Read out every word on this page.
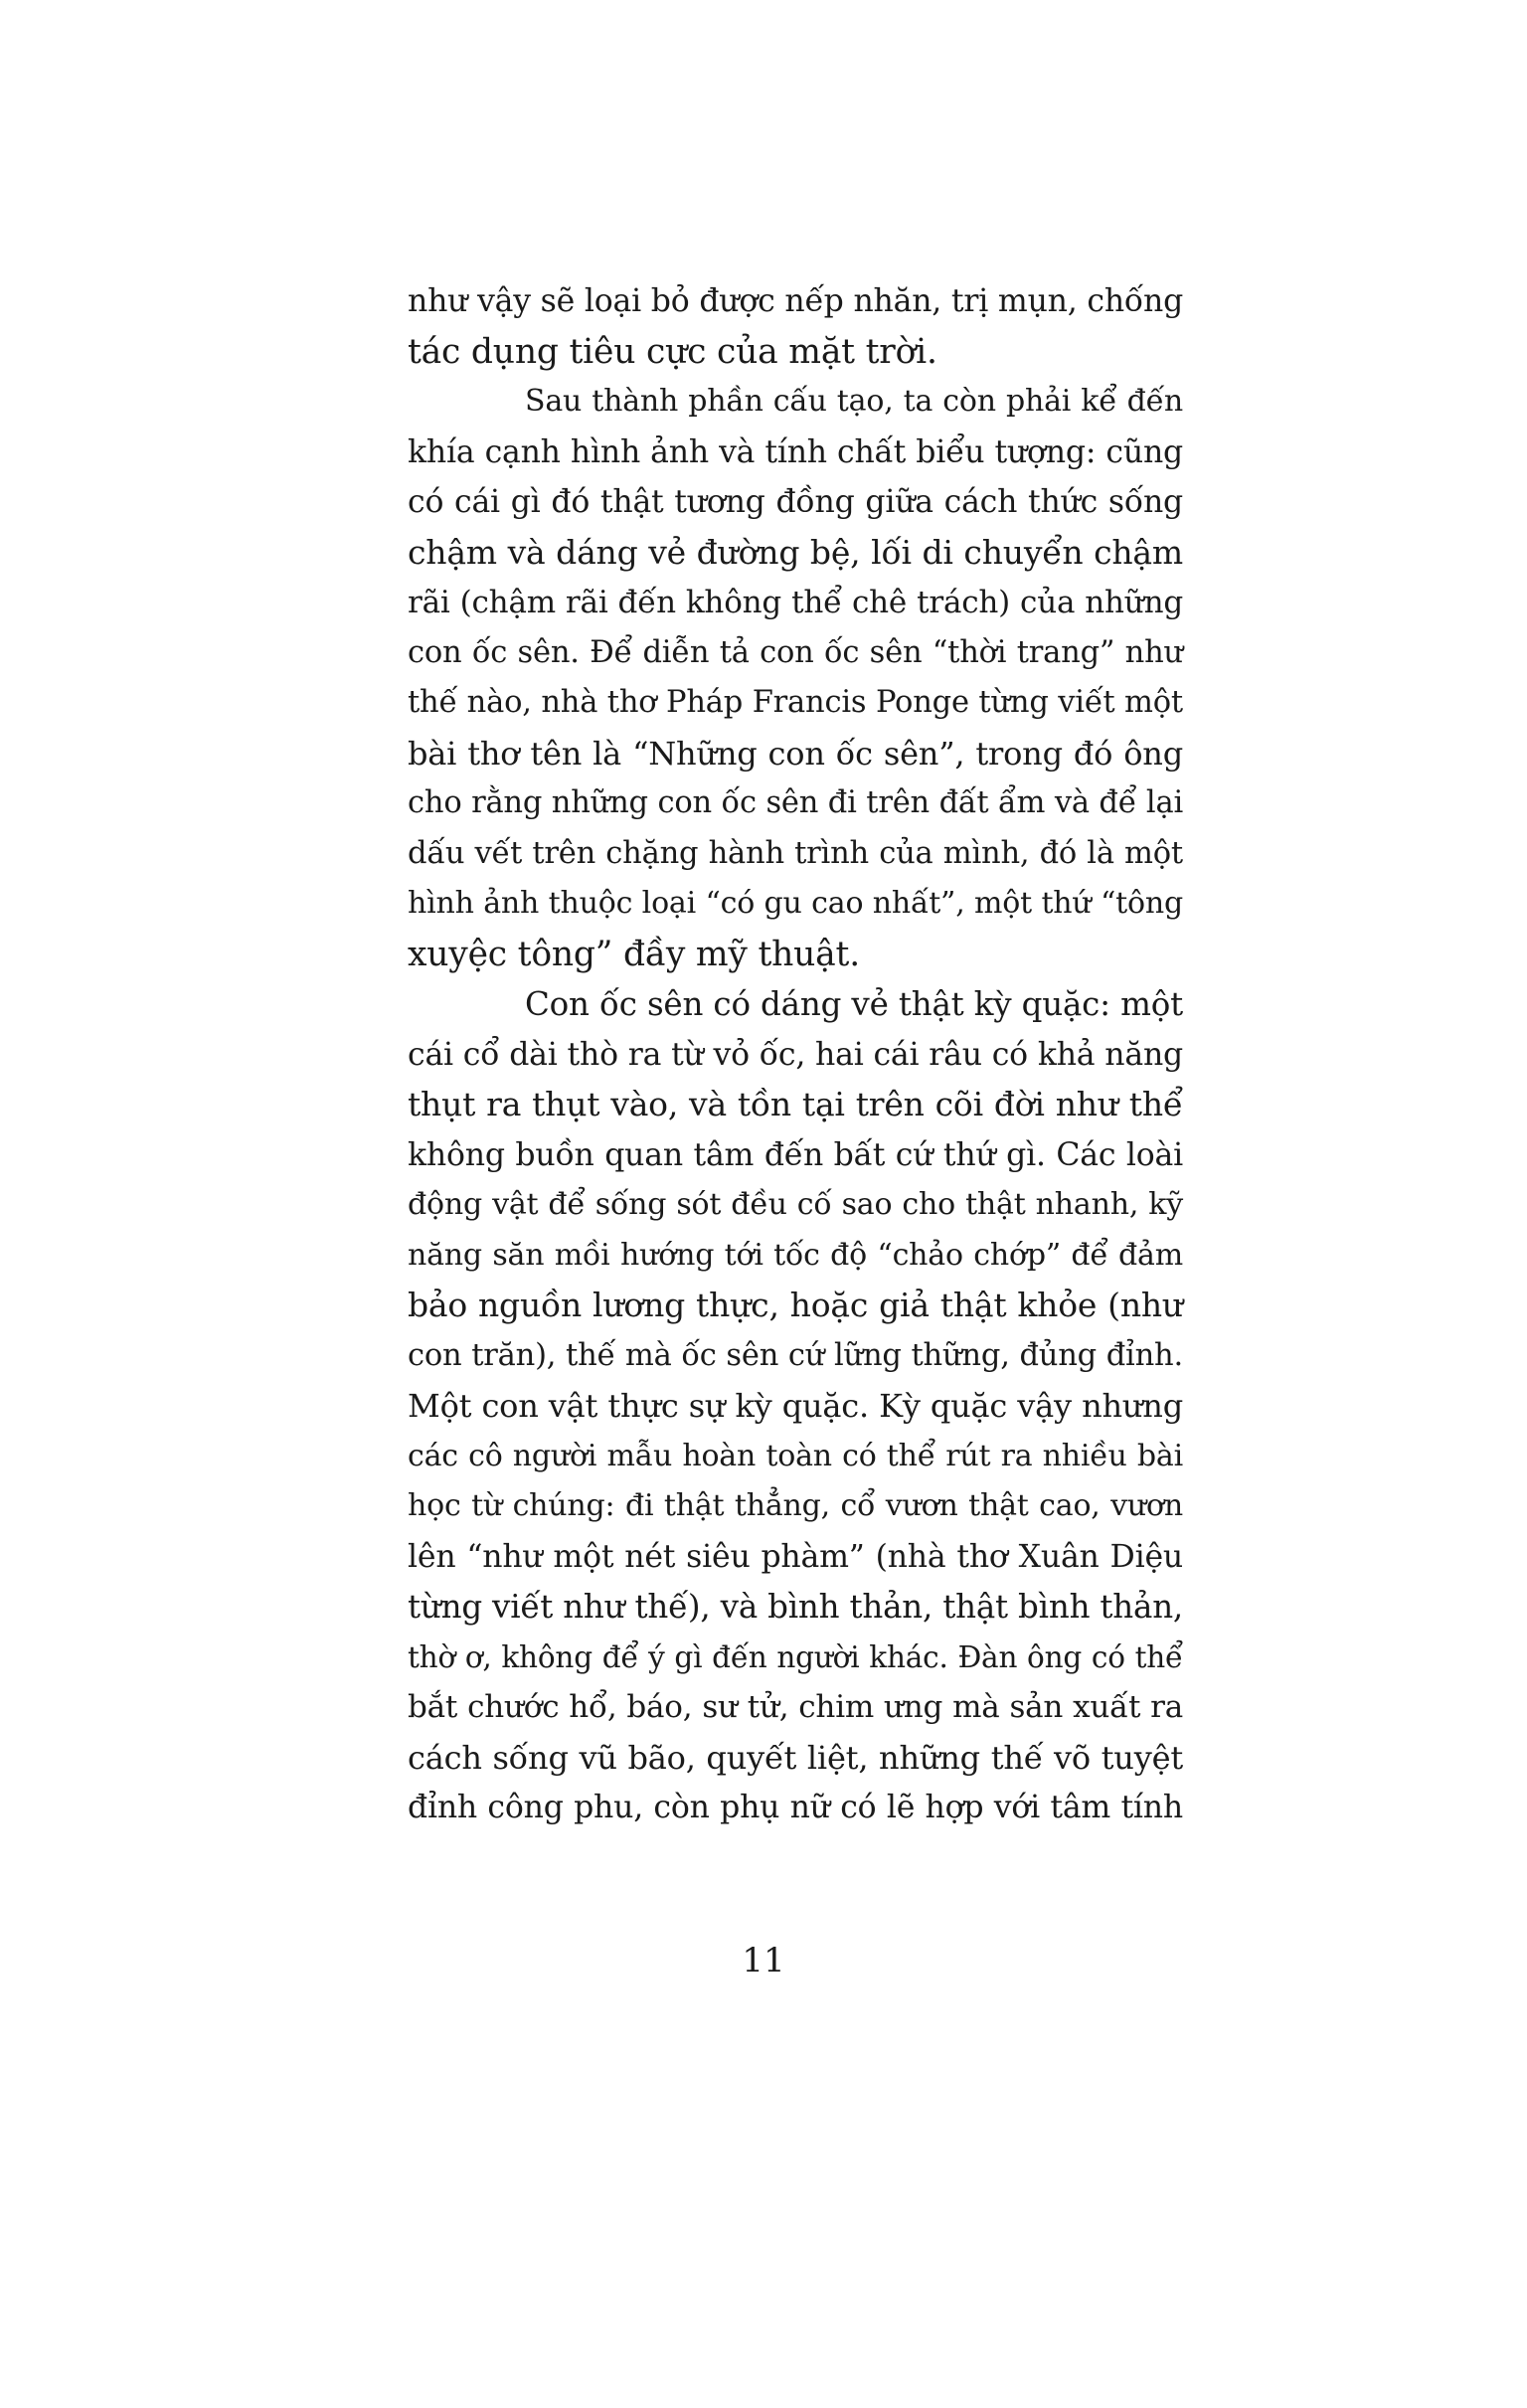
như vậy sẽ loại bỏ được nếp nhăn, trị mụn, chống
tác dụng tiêu cực của mặt trời.
Sau thành phần cấu tạo, ta còn phải kể đến
khía cạnh hình ảnh và tính chất biểu tượng: cũng
có cái gì đó thật tương đồng giữa cách thức sống
chậm và dáng vẻ đường bệ, lối di chuyển chậm
rãi (chậm rãi đến không thể chê trách) của những
con ốc sên. Để diễn tả con ốc sên “thời trang” như
thế nào, nhà thơ Pháp Francis Ponge từng viết một
bài thơ tên là “Những con ốc sên”, trong đó ông
cho rằng những con ốc sên đi trên đất ẩm và để lại
dấu vết trên chặng hành trình của mình, đó là một
hình ảnh thuộc loại “có gu cao nhất”, một thứ “tông
xuyệc tông” đầy mỹ thuật.
Con ốc sên có dáng vẻ thật kỳ quặc: một
cái cổ dài thò ra từ vỏ ốc, hai cái râu có khả năng
thụt ra thụt vào, và tồn tại trên cõi đời như thể
không buồn quan tâm đến bất cứ thứ gì. Các loài
động vật để sống sót đều cố sao cho thật nhanh, kỹ
năng săn mồi hướng tới tốc độ “chảo chớp” để đảm
bảo nguồn lương thực, hoặc giả thật khỏe (như
con trăn), thế mà ốc sên cứ lững thững, đủng đỉnh.
Một con vật thực sự kỳ quặc. Kỳ quặc vậy nhưng
các cô người mẫu hoàn toàn có thể rút ra nhiều bài
học từ chúng: đi thật thẳng, cổ vươn thật cao, vươn
lên “như một nét siêu phàm” (nhà thơ Xuân Diệu
từng viết như thế), và bình thản, thật bình thản,
thờ ơ, không để ý gì đến người khác. Đàn ông có thể
bắt chước hổ, báo, sư tử, chim ưng mà sản xuất ra
cách sống vũ bão, quyết liệt, những thế võ tuyệt
đỉnh công phu, còn phụ nữ có lẽ hợp với tâm tính
11
